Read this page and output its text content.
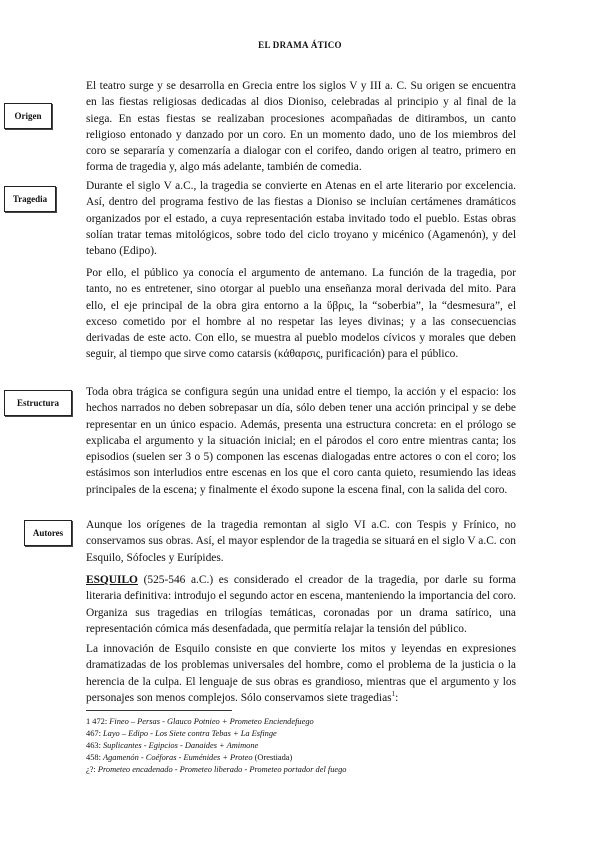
EL DRAMA ÁTICO
Origen
Tragedia
Estructura
Autores

El teatro surge y se desarrolla en Grecia entre los siglos V y III a. C. Su origen se encuentra en las fiestas religiosas dedicadas al dios Dioniso, celebradas al principio y al final de la siega. En estas fiestas se realizaban procesiones acompañadas de ditirambos, un canto religioso entonado y danzado por un coro. En un momento dado, uno de los miembros del coro se separaría y comenzaría a dialogar con el corifeo, dando origen al teatro, primero en forma de tragedia y, algo más adelante, también de comedia.

Durante el siglo V a.C., la tragedia se convierte en Atenas en el arte literario por excelencia. Así, dentro del programa festivo de las fiestas a Dioniso se incluían certámenes dramáticos organizados por el estado, a cuya representación estaba invitado todo el pueblo. Estas obras solían tratar temas mitológicos, sobre todo del ciclo troyano y micénico (Agamenón), y del tebano (Edipo).

Por ello, el público ya conocía el argumento de antemano. La función de la tragedia, por tanto, no es entretener, sino otorgar al pueblo una enseñanza moral derivada del mito. Para ello, el eje principal de la obra gira entorno a la ὕβρις, la “soberbia”, la “desmesura”, el exceso cometido por el hombre al no respetar las leyes divinas; y a las consecuencias derivadas de este acto. Con ello, se muestra al pueblo modelos cívicos y morales que deben seguir, al tiempo que sirve como catarsis (κάθαρσις, purificación) para el público.

Toda obra trágica se configura según una unidad entre el tiempo, la acción y el espacio: los hechos narrados no deben sobrepasar un día, sólo deben tener una acción principal y se debe representar en un único espacio. Además, presenta una estructura concreta: en el prólogo se explicaba el argumento y la situación inicial; en el párodos el coro entre mientras canta; los episodios (suelen ser 3 o 5) componen las escenas dialogadas entre actores o con el coro; los estásimos son interludios entre escenas en los que el coro canta quieto, resumiendo las ideas principales de la escena; y finalmente el éxodo supone la escena final, con la salida del coro.

Aunque los orígenes de la tragedia remontan al siglo VI a.C. con Tespis y Frínico, no conservamos sus obras. Así, el mayor esplendor de la tragedia se situará en el siglo V a.C. con Esquilo, Sófocles y Eurípides.

ESQUILO (525-546 a.C.) es considerado el creador de la tragedia, por darle su forma literaria definitiva: introdujo el segundo actor en escena, manteniendo la importancia del coro. Organiza sus tragedias en trilogías temáticas, coronadas por un drama satírico, una representación cómica más desenfadada, que permitía relajar la tensión del público.

La innovación de Esquilo consiste en que convierte los mitos y leyendas en expresiones dramatizadas de los problemas universales del hombre, como el problema de la justicia o la herencia de la culpa. El lenguaje de sus obras es grandioso, mientras que el argumento y los personajes son menos complejos. Sólo conservamos siete tragedias$^1$:

1 472: Fineo – Persas - Glauco Potnieo + Prometeo Enciendefuego

467: Layo – Edipo - Los Siete contra Tebas + La Esfinge

463: Suplicantes - Egipcios - Danaides + Amimone

458: Agamenón - Coéforas - Euménides + Proteo (Orestiada)

¿?: Prometeo encadenado - Prometeo liberado - Prometeo portador del fuego
